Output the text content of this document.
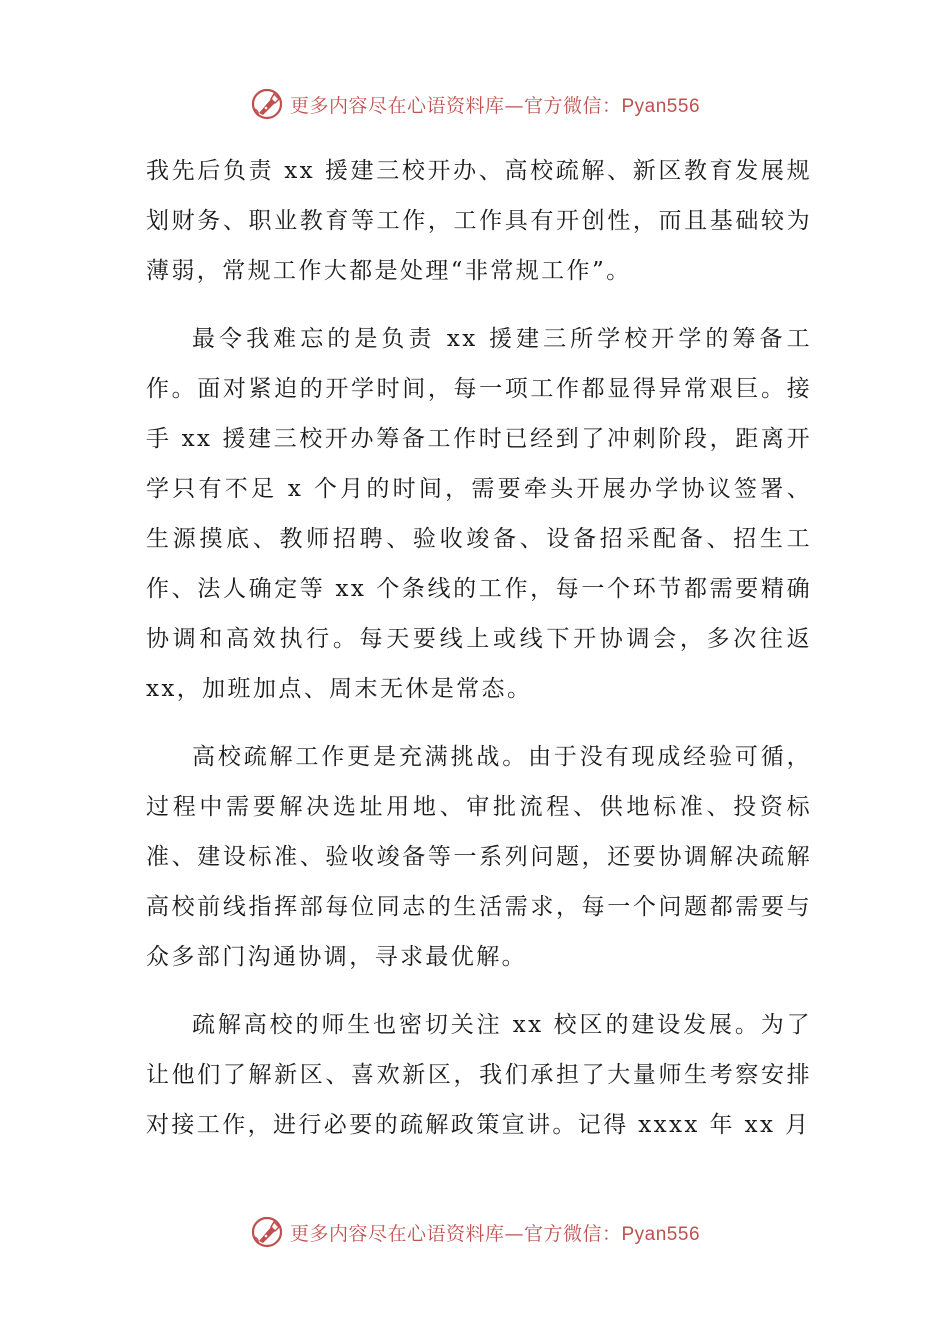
更多内容尽在心语资料库—官方微信：Pyan556

我先后负责 xx 援建三校开办、高校疏解、新区教育发展规划财务、职业教育等工作，工作具有开创性，而且基础较为薄弱，常规工作大都是处理“非常规工作”。

最令我难忘的是负责 xx 援建三所学校开学的筹备工作。面对紧迫的开学时间，每一项工作都显得异常艰巨。接手 xx 援建三校开办筹备工作时已经到了冲刺阶段，距离开学只有不足 x 个月的时间，需要牵头开展办学协议签署、生源摸底、教师招聘、验收竣备、设备招采配备、招生工作、法人确定等 xx 个条线的工作，每一个环节都需要精确协调和高效执行。每天要线上或线下开协调会，多次往返 xx，加班加点、周末无休是常态。

高校疏解工作更是充满挑战。由于没有现成经验可循，过程中需要解决选址用地、审批流程、供地标准、投资标准、建设标准、验收竣备等一系列问题，还要协调解决疏解高校前线指挥部每位同志的生活需求，每一个问题都需要与众多部门沟通协调，寻求最优解。

疏解高校的师生也密切关注 xx 校区的建设发展。为了让他们了解新区、喜欢新区，我们承担了大量师生考察安排对接工作，进行必要的疏解政策宣讲。记得 xxxx 年 xx 月

更多内容尽在心语资料库—官方微信：Pyan556
